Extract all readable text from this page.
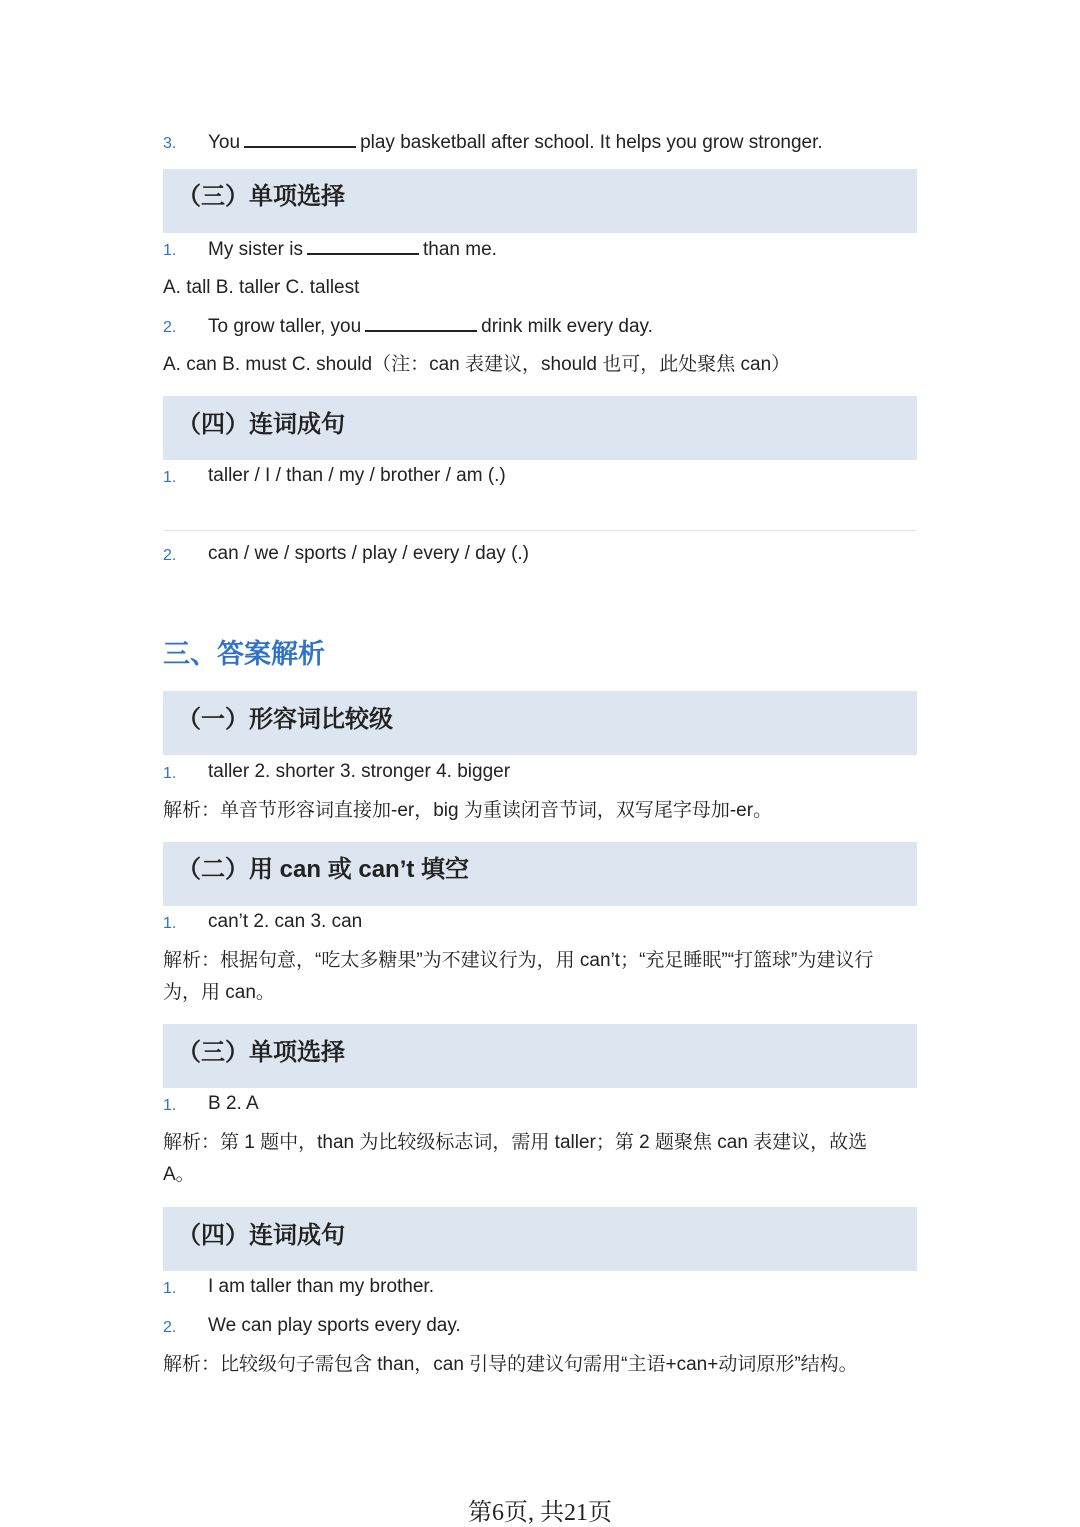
3. You	play basketball after school. It helps you grow stronger.
（三）单项选择
1. My sister is	than me.
A. tall B. taller C. tallest
2. To grow taller, you	drink milk every day.
A. can B. must C. should（注：can 表建议，should 也可，此处聚焦 can）
（四）连词成句
1. taller / I / than / my / brother / am (.)
2. can / we / sports / play / every / day (.)
三、答案解析
（一）形容词比较级
1. taller 2. shorter 3. stronger 4. bigger
解析：单音节形容词直接加-er，big 为重读闭音节词，双写尾字母加-er。
（二）用 can 或 can’t 填空
1. can’t 2. can 3. can
解析：根据句意，“吃太多糖果”为不建议行为，用 can’t；“充足睡眠”“打篮球”为建议行
为，用 can。
（三）单项选择
1. B 2. A
解析：第 1 题中，than 为比较级标志词，需用 taller；第 2 题聚焦 can 表建议，故选
A。
（四）连词成句
1. I am taller than my brother.
2. We can play sports every day.
解析：比较级句子需包含 than，can 引导的建议句需用“主语+can+动词原形”结构。
第6页, 共21页
